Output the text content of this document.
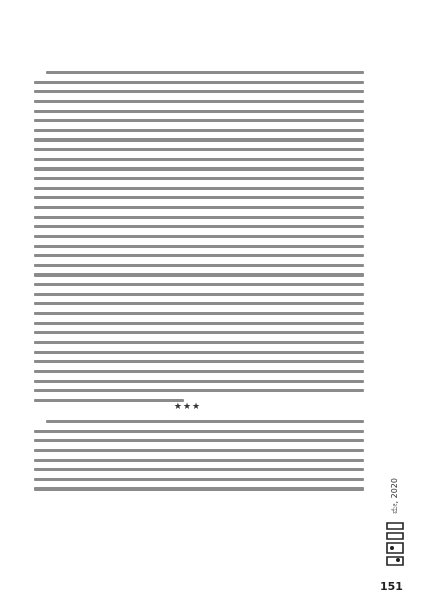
★★★
ಮೇ, 2020
151
